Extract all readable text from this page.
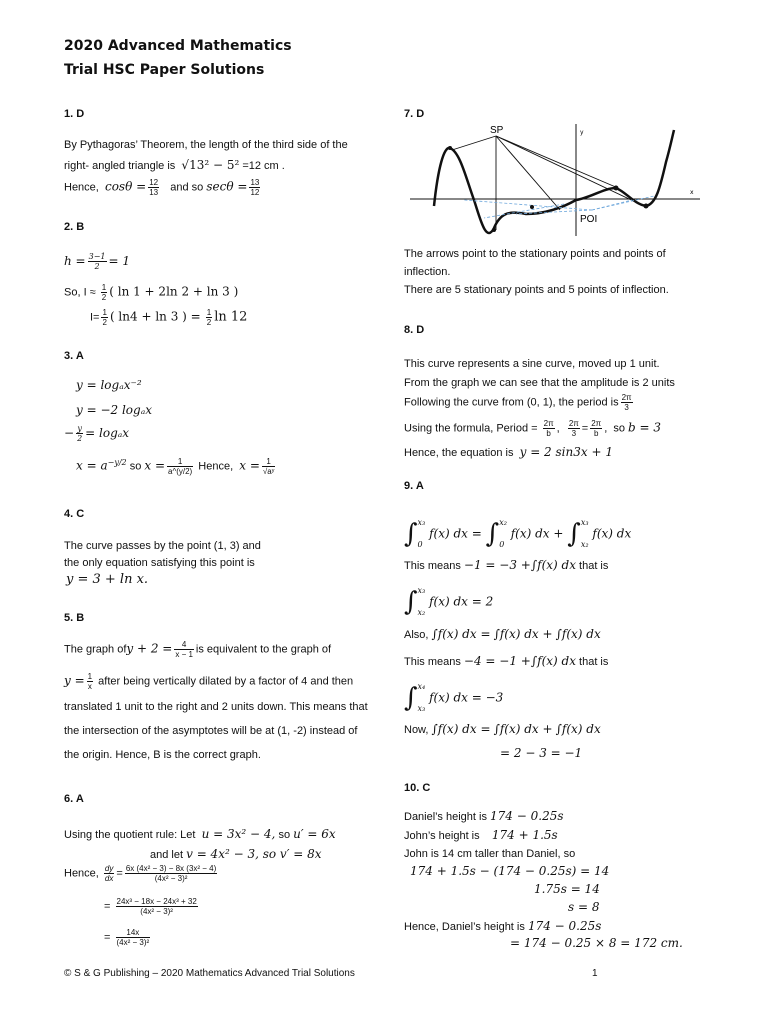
2020 Advanced Mathematics
Trial HSC Paper Solutions
1. D
By Pythagoras’ Theorem, the length of the third side of the
right- angled triangle is √13² − 5² =12 cm .
Hence, $\cos\theta = \frac{12}{13}$ and so $\sec\theta = \frac{13}{12}$
2. B
$h = \frac{3-1}{2} = 1$
So, $I \approx \frac{1}{2}$ ( ln 1 + 2ln 2 + ln 3 )
$I= \frac{1}{2}$ ( ln4 + ln 3 ) = $\frac{1}{2}$ ln 12
3. A
y = logₐx⁻²
y = −2 logₐx
− $\frac{y}{2} = \log_ax$
$x = a^{-y/2}$ so $x = \frac{1}{a\^{}(y/2)}$ Hence, $x = \frac{1}{\text{√aʸ}}$
4. C
The curve passes by the point (1, 3) and
the only equation satisfying this point is
y = 3 + ln x.
5. B
The graph ofy + $2 = \frac{4}{x - 1}$ is equivalent to the graph of
$y = \frac{1}{x}$ after being vertically dilated by a factor of 4 and then
translated 1 unit to the right and 2 units down. This means that
the intersection of the asymptotes will be at (1, -2) instead of
the origin. Hence, B is the correct graph.
6. A
Using the quotient rule: Let u = 3x² − 4, so u′ = 6x
and let v = 4x² − 3, so v′ = 8x
Hence, $\frac{dy}{dx} = \frac{\text{6x (4x² − 3) − 8x (3x² − 4)}}{\text{(4x² − 3)²}}$
= $\frac{\text{24x³ − 18x − 24x³ + 32}}{\text{(4x² − 3)²}}$
= $\frac{14x}{\text{(4x² − 3)²}}$
7. D
x
y
SP
POI
The arrows point to the stationary points and points of
inflection.
There are 5 stationary points and 5 points of inflection.
8. D
This curve represents a sine curve, moved up 1 unit.
From the graph we can see that the amplitude is 2 units
Following the curve from (0, 1), the period is $\frac{2\pi}{3}$
Using the formula, Period = $\frac{2\pi}{b}$ , $\frac{2\pi}{3} = \frac{2\pi}{b}$ ,  so b = 3
Hence, the equation is y = 2 sin3x + 1
9. A
∫ x₃
0
f(x) dx = ∫ x₂
0
f(x) dx + ∫ x₃
x₂
f(x) dx
This means −1 = −3 +∫f(x) dx that is
∫ x₃
x₂
f(x) dx = 2
Also, ∫f(x) dx = ∫f(x) dx + ∫f(x) dx
This means −4 = −1 +∫f(x) dx that is
∫ x₄
x₃
f(x) dx = −3
Now, ∫f(x) dx = ∫f(x) dx + ∫f(x) dx
= 2 − 3 = −1
10. C
Daniel’s height is 174 − 0.25s
John’s height is 174 + 1.5s
John is 14 cm taller than Daniel, so
174 + 1.5s − (174 − 0.25s) = 14
1.75s = 14
s = 8
Hence, Daniel’s height is 174 − 0.25s
= 174 − 0.25 × 8 = 172 cm.
© S & G Publishing – 2020 Mathematics Advanced Trial Solutions	1
